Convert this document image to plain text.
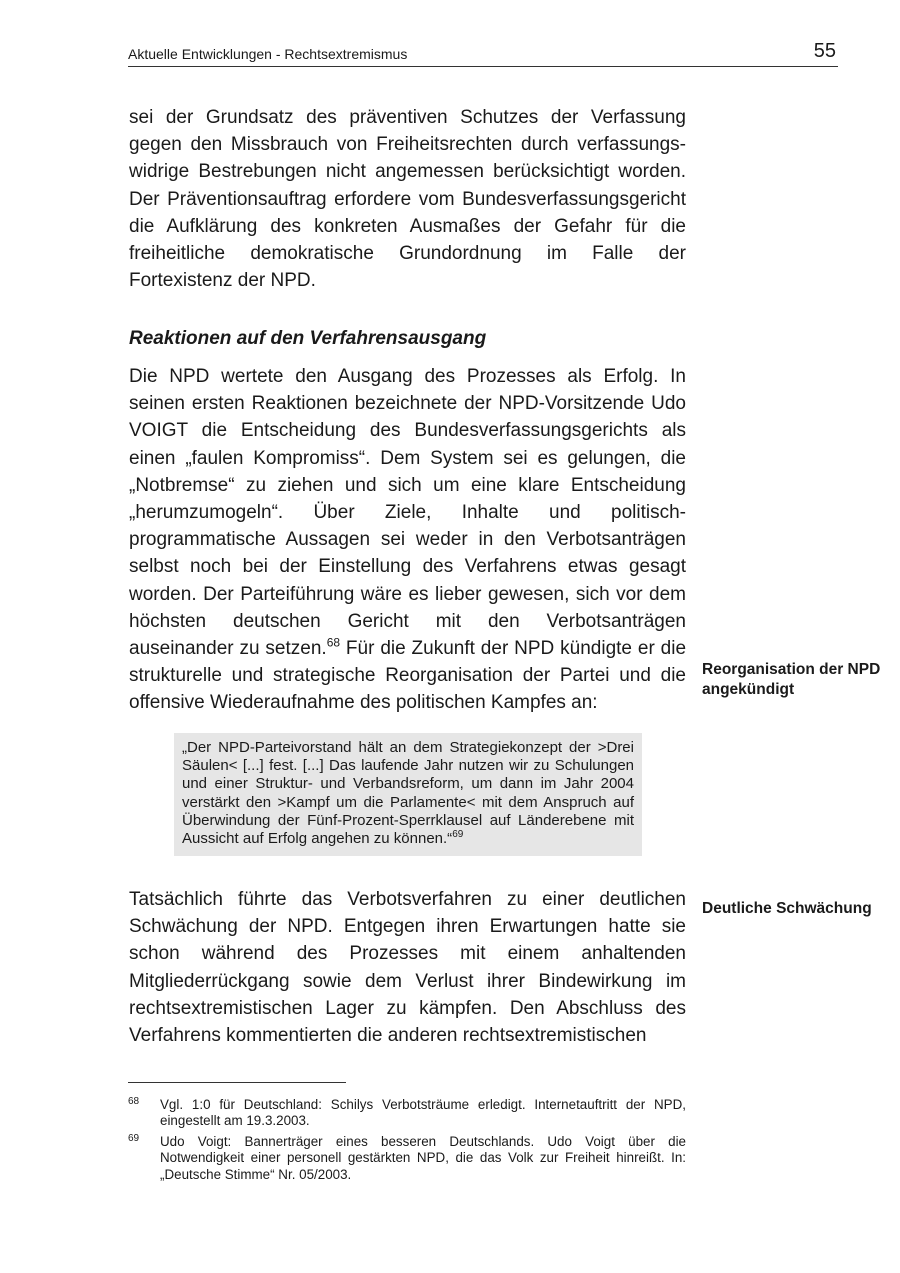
Aktuelle Entwicklungen - Rechtsextremismus	55

sei der Grundsatz des präventiven Schutzes der Verfassung gegen den Missbrauch von Freiheitsrechten durch verfassungswidrige Bestrebungen nicht angemessen berücksichtigt worden. Der Präventionsauftrag erfordere vom Bundesverfassungsgericht die Aufklärung des konkreten Ausmaßes der Gefahr für die freiheitliche demokratische Grundordnung im Falle der Fortexistenz der NPD.

Reaktionen auf den Verfahrensausgang

Die NPD wertete den Ausgang des Prozesses als Erfolg. In seinen ersten Reaktionen bezeichnete der NPD-Vorsitzende Udo VOIGT die Entscheidung des Bundesverfassungsgerichts als einen „faulen Kompromiss“. Dem System sei es gelungen, die „Notbremse“ zu ziehen und sich um eine klare Entscheidung „herumzumogeln“. Über Ziele, Inhalte und politisch-programmatische Aussagen sei weder in den Verbotsanträgen selbst noch bei der Einstellung des Verfahrens etwas gesagt worden. Der Parteiführung wäre es lieber gewesen, sich vor dem höchsten deutschen Gericht mit den Verbotsanträgen auseinander zu setzen.$^{68}$ Für die Zukunft der NPD kündigte er die strukturelle und strategische Reorganisation der Partei und die offensive Wiederaufnahme des politischen Kampfes an:

„Der NPD-Parteivorstand hält an dem Strategiekonzept der >Drei Säulen< [...] fest. [...] Das laufende Jahr nutzen wir zu Schulungen und einer Struktur- und Verbandsreform, um dann im Jahr 2004 verstärkt den >Kampf um die Parlamente< mit dem Anspruch auf Überwindung der Fünf-Prozent-Sperrklausel auf Länderebene mit Aussicht auf Erfolg angehen zu können.“$^{69}$

Tatsächlich führte das Verbotsverfahren zu einer deutlichen Schwächung der NPD. Entgegen ihren Erwartungen hatte sie schon während des Prozesses mit einem anhaltenden Mitgliederrückgang sowie dem Verlust ihrer Bindewirkung im rechtsextremistischen Lager zu kämpfen. Den Abschluss des Verfahrens kommentierten die anderen rechtsextremistischen

Reorganisation der NPD angekündigt
Deutliche Schwächung
68 Vgl. 1:0 für Deutschland: Schilys Verbotsträume erledigt. Internetauftritt der NPD, eingestellt am 19.3.2003.
69 Udo Voigt: Bannerträger eines besseren Deutschlands. Udo Voigt über die Notwendigkeit einer personell gestärkten NPD, die das Volk zur Freiheit hinreißt. In: „Deutsche Stimme“ Nr. 05/2003.
